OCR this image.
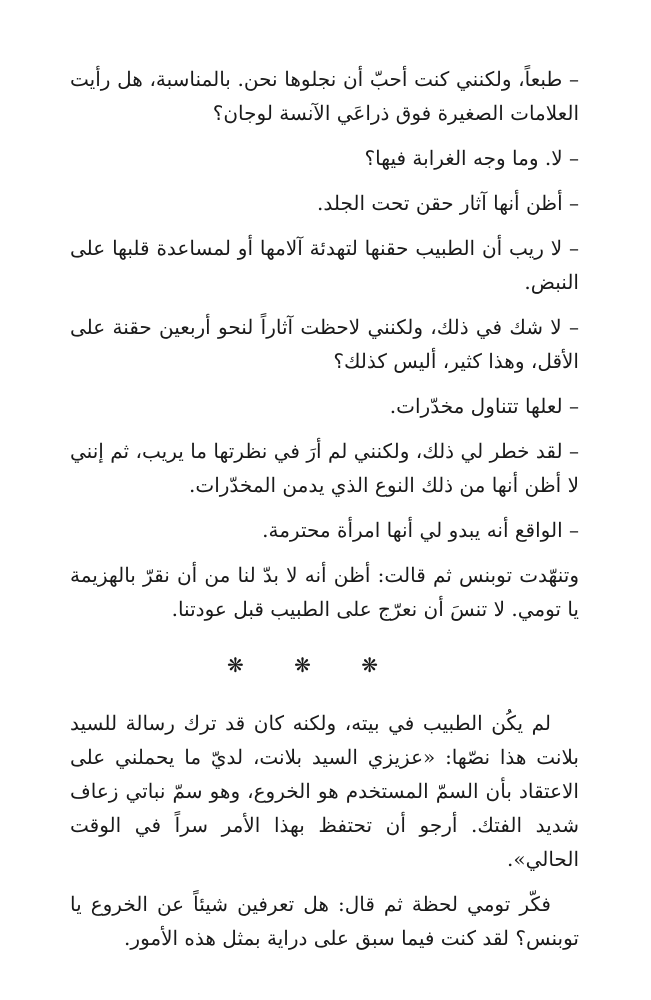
– طبعاً، ولكنني كنت أحبّ أن نجلوها نحن. بالمناسبة، هل رأيت العلامات الصغيرة فوق ذراعَي الآنسة لوجان؟

– لا. وما وجه الغرابة فيها؟

– أظن أنها آثار حقن تحت الجلد.

– لا ريب أن الطبيب حقنها لتهدئة آلامها أو لمساعدة قلبها على النبض.

– لا شك في ذلك، ولكنني لاحظت آثاراً لنحو أربعين حقنة على الأقل، وهذا كثير، أليس كذلك؟

– لعلها تتناول مخدّرات.

– لقد خطر لي ذلك، ولكنني لم أرَ في نظرتها ما يريب، ثم إنني لا أظن أنها من ذلك النوع الذي يدمن المخدّرات.

– الواقع أنه يبدو لي أنها امرأة محترمة.

وتنهّدت توبنس ثم قالت: أظن أنه لا بدّ لنا من أن نقرّ بالهزيمة يا تومي. لا تنسَ أن نعرّج على الطبيب قبل عودتنا.

❋ ❋ ❋

لم يكُن الطبيب في بيته، ولكنه كان قد ترك رسالة للسيد بلانت هذا نصّها: «عزيزي السيد بلانت، لديّ ما يحملني على الاعتقاد بأن السمّ المستخدم هو الخروع، وهو سمّ نباتي زعاف شديد الفتك. أرجو أن تحتفظ بهذا الأمر سراً في الوقت الحالي».

فكّر تومي لحظة ثم قال: هل تعرفين شيئاً عن الخروع يا توبنس؟ لقد كنت فيما سبق على دراية بمثل هذه الأمور.
